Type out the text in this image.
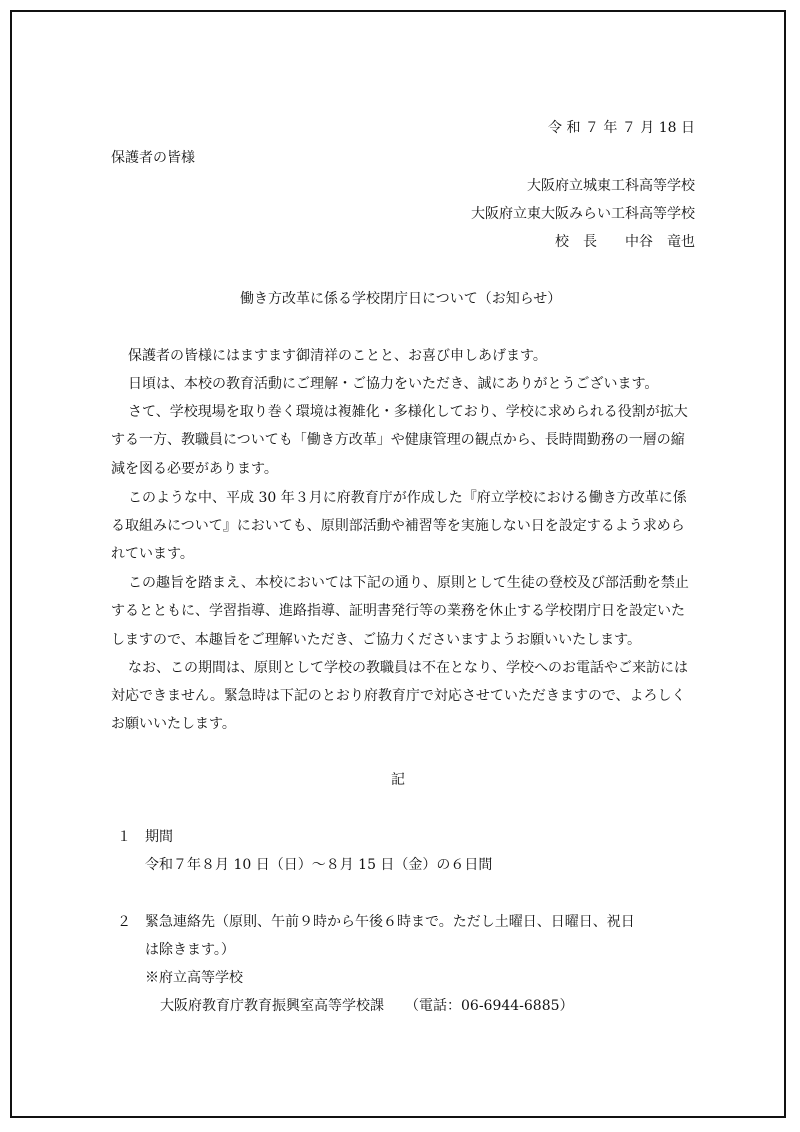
令 和 ７ 年 ７ 月 18 日

保護者の皆様

大阪府立城東工科高等学校

大阪府立東大阪みらい工科高等学校

校　長　　中谷　竜也

働き方改革に係る学校閉庁日について（お知らせ）

保護者の皆様にはますます御清祥のことと、お喜び申しあげます。

日頃は、本校の教育活動にご理解・ご協力をいただき、誠にありがとうございます。

さて、学校現場を取り巻く環境は複雑化・多様化しており、学校に求められる役割が拡大

する一方、教職員についても「働き方改革」や健康管理の観点から、長時間勤務の一層の縮

減を図る必要があります。

このような中、平成 30 年３月に府教育庁が作成した『府立学校における働き方改革に係

る取組みについて』においても、原則部活動や補習等を実施しない日を設定するよう求めら

れています。

この趣旨を踏まえ、本校においては下記の通り、原則として生徒の登校及び部活動を禁止

するとともに、学習指導、進路指導、証明書発行等の業務を休止する学校閉庁日を設定いた

しますので、本趣旨をご理解いただき、ご協力くださいますようお願いいたします。

なお、この期間は、原則として学校の教職員は不在となり、学校へのお電話やご来訪には

対応できません。緊急時は下記のとおり府教育庁で対応させていただきますので、よろしく

お願いいたします。

記

１ 期間

令和７年８月 10 日（日）～８月 15 日（金）の６日間

２ 緊急連絡先（原則、午前９時から午後６時まで。ただし土曜日、日曜日、祝日

は除きます。）

※府立高等学校

大阪府教育庁教育振興室高等学校課　　（電話：06-6944-6885）
